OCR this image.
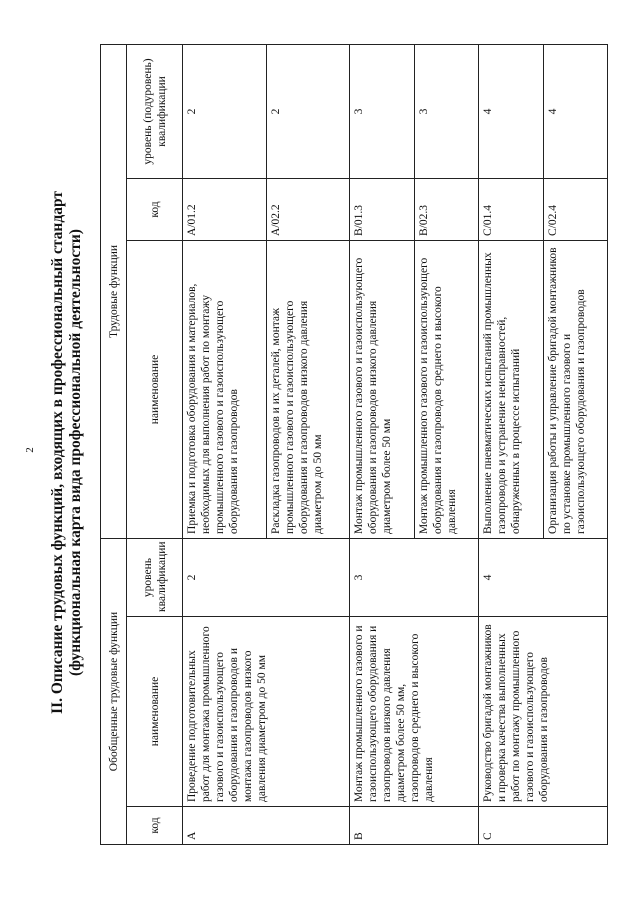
2 II. Описание трудовых функций, входящих в профессиональный стандарт (функциональная карта вида профессиональной деятельности)
Обобщенные трудовые функции			Трудовые функции		
код	наименование	уровень квалификации	наименование	код	уровень (подуровень) квалификации
А	Проведение подготовительных работ для монтажа промышленного газового и газоиспользующего оборудования и газопроводов и монтажа газопроводов низкого давления диаметром до 50 мм	2	Приемка и подготовка оборудования и материалов, необходимых для выполнения работ по монтажу промышленного газового и газоиспользующего оборудования и газопроводов	A/01.2	2
			Раскладка газопроводов и их деталей, монтаж промышленного газового и газоиспользующего оборудования и газопроводов низкого давления диаметром до 50 мм	A/02.2	2
В	Монтаж промышленного газового и газоиспользующего оборудования и газопроводов низкого давления диаметром более 50 мм, газопроводов среднего и высокого давления	3	Монтаж промышленного газового и газоиспользующего оборудования и газопроводов низкого давления диаметром более 50 мм	B/01.3	3
			Монтаж промышленного газового и газоиспользующего оборудования и газопроводов среднего и высокого давления	B/02.3	3
С	Руководство бригадой монтажников и проверка качества выполненных работ по монтажу промышленного газового и газоиспользующего оборудования и газопроводов	4	Выполнение пневматических испытаний промышленных газопроводов и устранение неисправностей, обнаруженных в процессе испытаний	C/01.4	4
			Организация работы и управление бригадой монтажников по установке промышленного газового и газоиспользующего оборудования и газопроводов	C/02.4	4
